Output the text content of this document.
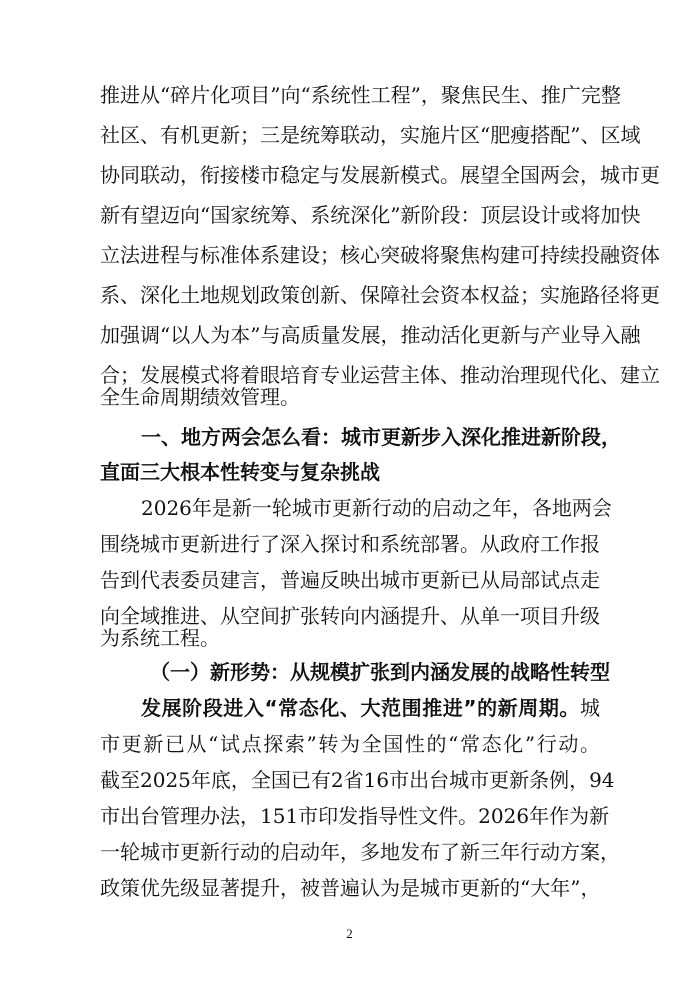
推进从“碎片化项目”向“系统性工程”，聚焦民生、推广完整
社区、有机更新；三是统筹联动，实施片区“肥瘦搭配”、区域
协同联动，衔接楼市稳定与发展新模式。展望全国两会，城市更
新有望迈向“国家统筹、系统深化”新阶段：顶层设计或将加快
立法进程与标准体系建设；核心突破将聚焦构建可持续投融资体
系、深化土地规划政策创新、保障社会资本权益；实施路径将更
加强调“以人为本”与高质量发展，推动活化更新与产业导入融
合；发展模式将着眼培育专业运营主体、推动治理现代化、建立
全生命周期绩效管理。
一、地方两会怎么看：城市更新步入深化推进新阶段，
直面三大根本性转变与复杂挑战
2026年是新一轮城市更新行动的启动之年，各地两会
围绕城市更新进行了深入探讨和系统部署。从政府工作报
告到代表委员建言，普遍反映出城市更新已从局部试点走
向全域推进、从空间扩张转向内涵提升、从单一项目升级
为系统工程。
（一）新形势：从规模扩张到内涵发展的战略性转型
发展阶段进入“常态化、大范围推进”的新周期。城
市更新已从“试点探索”转为全国性的“常态化”行动。
截至2025年底，全国已有2省16市出台城市更新条例，94
市出台管理办法，151市印发指导性文件。2026年作为新
一轮城市更新行动的启动年，多地发布了新三年行动方案，
政策优先级显著提升，被普遍认为是城市更新的“大年”，
2
